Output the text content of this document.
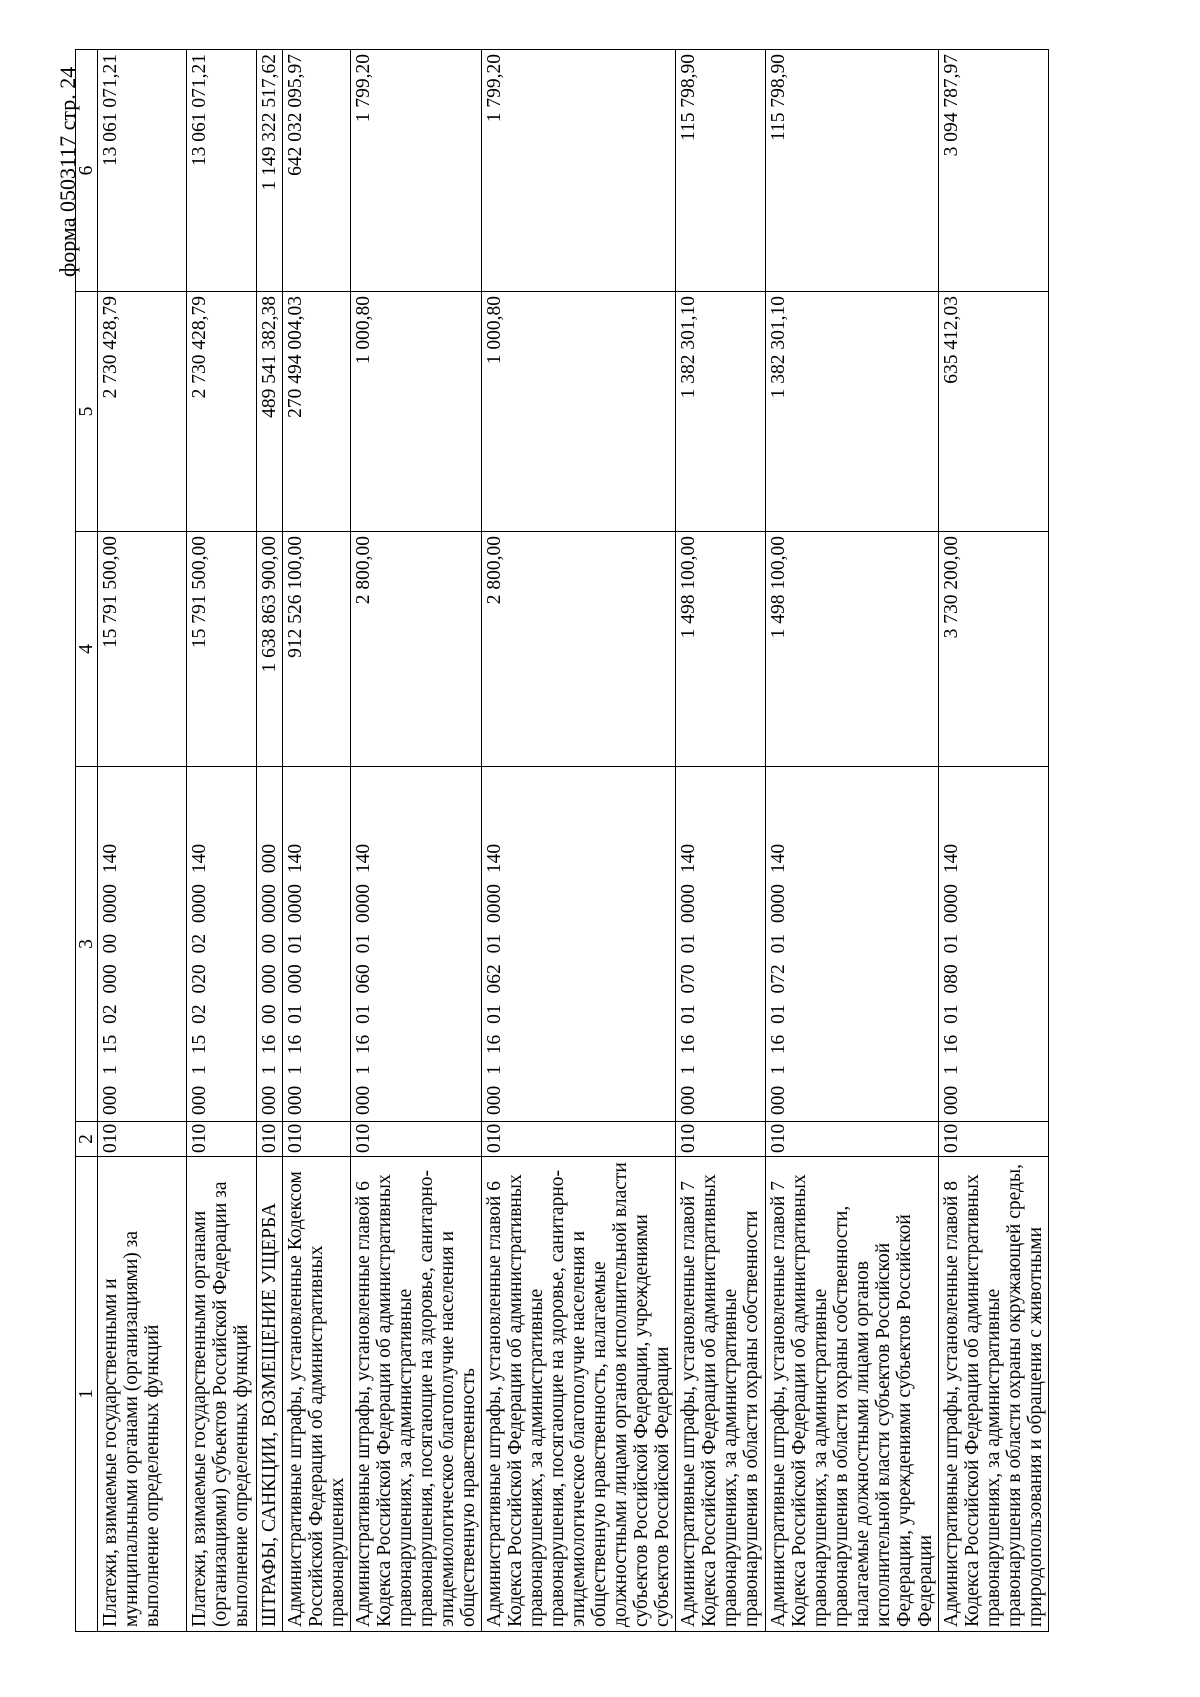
форма 0503117 стр. 24
1	2	3	4	5	6
Платежи, взимаемые государственными и муниципальными органами (организациями) за выполнение определенных функций	010	000 1 15 02 000 00 0000 140	15 791 500,00	2 730 428,79	13 061 071,21
Платежи, взимаемые государственными органами (организациями) субъектов Российской Федерации за выполнение определенных функций	010	000 1 15 02 020 02 0000 140	15 791 500,00	2 730 428,79	13 061 071,21
ШТРАФЫ, САНКЦИИ, ВОЗМЕЩЕНИЕ УЩЕРБА	010	000 1 16 00 000 00 0000 000	1 638 863 900,00	489 541 382,38	1 149 322 517,62
Административные штрафы, установленные Кодексом Российской Федерации об административных правонарушениях	010	000 1 16 01 000 01 0000 140	912 526 100,00	270 494 004,03	642 032 095,97
Административные штрафы, установленные главой 6 Кодекса Российской Федерации об административных правонарушениях, за административные правонарушения, посягающие на здоровье, санитарно-эпидемиологическое благополучие населения и общественную нравственность	010	000 1 16 01 060 01 0000 140	2 800,00	1 000,80	1 799,20
Административные штрафы, установленные главой 6 Кодекса Российской Федерации об административных правонарушениях, за административные правонарушения, посягающие на здоровье, санитарно-эпидемиологическое благополучие населения и общественную нравственность, налагаемые должностными лицами органов исполнительной власти субъектов Российской Федерации, учреждениями субъектов Российской Федерации	010	000 1 16 01 062 01 0000 140	2 800,00	1 000,80	1 799,20
Административные штрафы, установленные главой 7 Кодекса Российской Федерации об административных правонарушениях, за административные правонарушения в области охраны собственности	010	000 1 16 01 070 01 0000 140	1 498 100,00	1 382 301,10	115 798,90
Административные штрафы, установленные главой 7 Кодекса Российской Федерации об административных правонарушениях, за административные правонарушения в области охраны собственности, налагаемые должностными лицами органов исполнительной власти субъектов Российской Федерации, учреждениями субъектов Российской Федерации	010	000 1 16 01 072 01 0000 140	1 498 100,00	1 382 301,10	115 798,90
Административные штрафы, установленные главой 8 Кодекса Российской Федерации об административных правонарушениях, за административные правонарушения в области охраны окружающей среды, природопользования и обращения с животными	010	000 1 16 01 080 01 0000 140	3 730 200,00	635 412,03	3 094 787,97
